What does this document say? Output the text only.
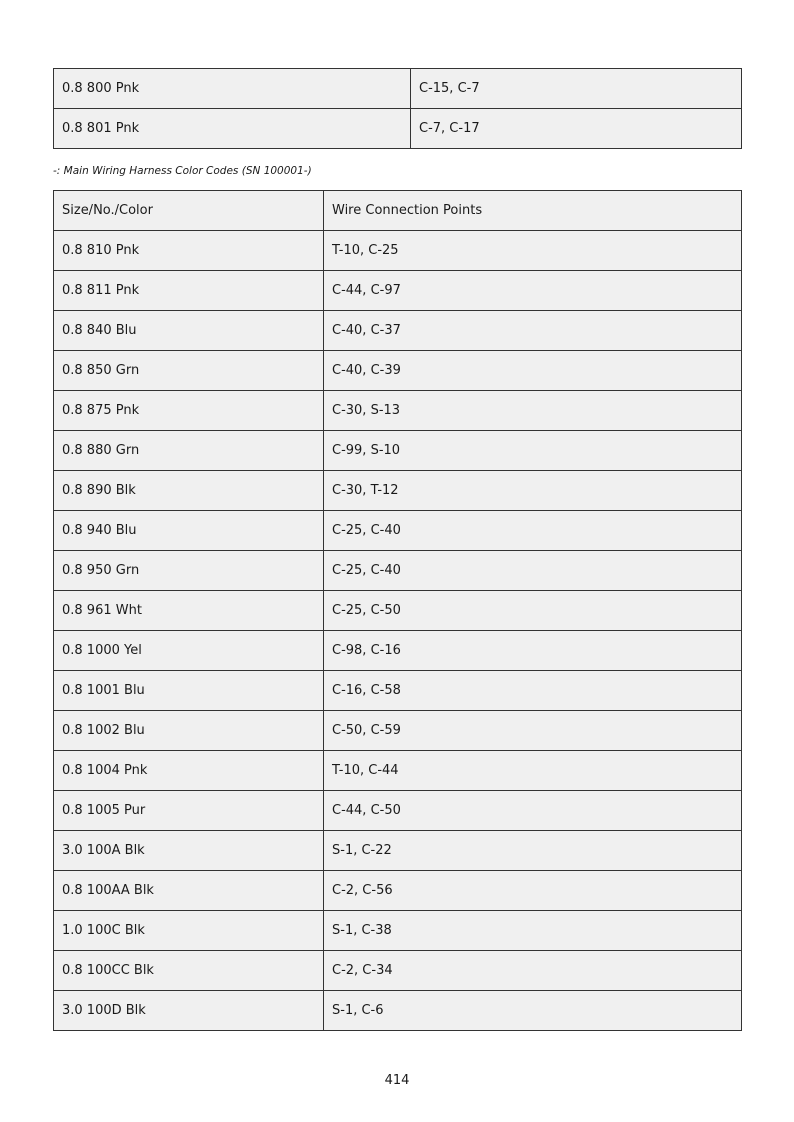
0.8 800 Pnk	C-15, C-7
0.8 801 Pnk	C-7, C-17

-: Main Wiring Harness Color Codes (SN 100001-)

Size/No./Color	Wire Connection Points
0.8 810 Pnk	T-10, C-25
0.8 811 Pnk	C-44, C-97
0.8 840 Blu	C-40, C-37
0.8 850 Grn	C-40, C-39
0.8 875 Pnk	C-30, S-13
0.8 880 Grn	C-99, S-10
0.8 890 Blk	C-30, T-12
0.8 940 Blu	C-25, C-40
0.8 950 Grn	C-25, C-40
0.8 961 Wht	C-25, C-50
0.8 1000 Yel	C-98, C-16
0.8 1001 Blu	C-16, C-58
0.8 1002 Blu	C-50, C-59
0.8 1004 Pnk	T-10, C-44
0.8 1005 Pur	C-44, C-50
3.0 100A Blk	S-1, C-22
0.8 100AA Blk	C-2, C-56
1.0 100C Blk	S-1, C-38
0.8 100CC Blk	C-2, C-34
3.0 100D Blk	S-1, C-6
414
